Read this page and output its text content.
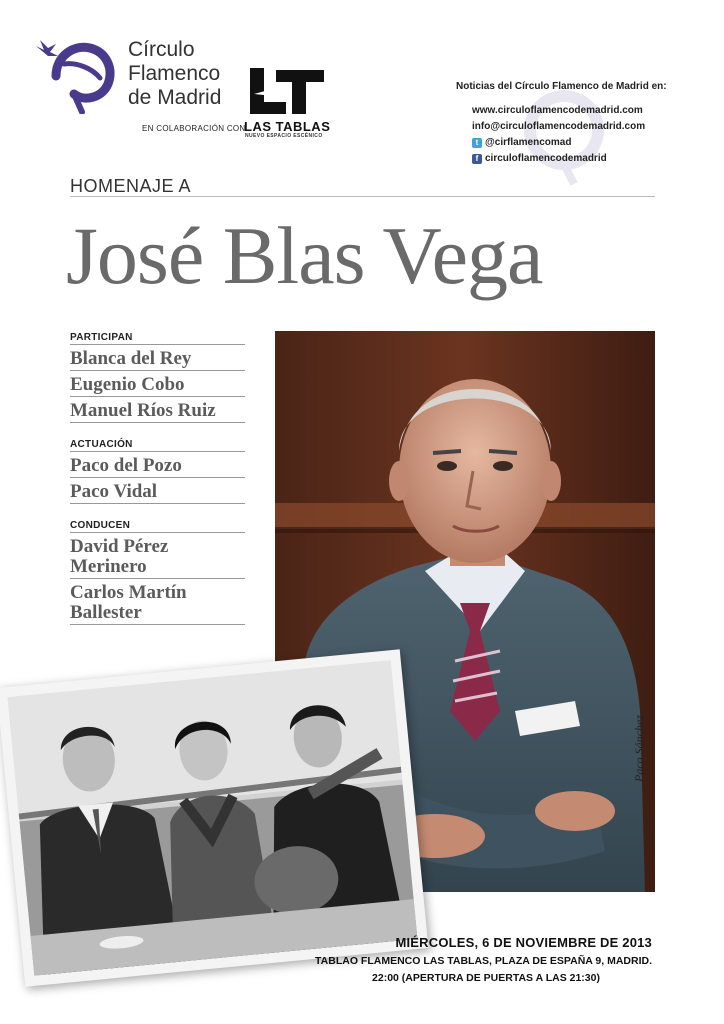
Círculo
Flamenco
de Madrid
EN COLABORACIÓN CON
LAS TABLAS
NUEVO ESPACIO ESCÉNICO
Noticias del Círculo Flamenco de Madrid en:
www.circuloflamencodemadrid.com
info@circuloflamencodemadrid.com
t @cirflamencomad
f circuloflamencodemadrid
HOMENAJE A
José Blas Vega
PARTICIPAN
Blanca del Rey
Eugenio Cobo
Manuel Ríos Ruiz
ACTUACIÓN
Paco del Pozo
Paco Vidal
CONDUCEN
David Pérez
Merinero
Carlos Martín
Ballester
Paco Sánchez
MIÉRCOLES, 6 DE NOVIEMBRE DE 2013
TABLAO FLAMENCO LAS TABLAS, PLAZA DE ESPAÑA 9, MADRID.
22:00 (APERTURA DE PUERTAS A LAS 21:30)
